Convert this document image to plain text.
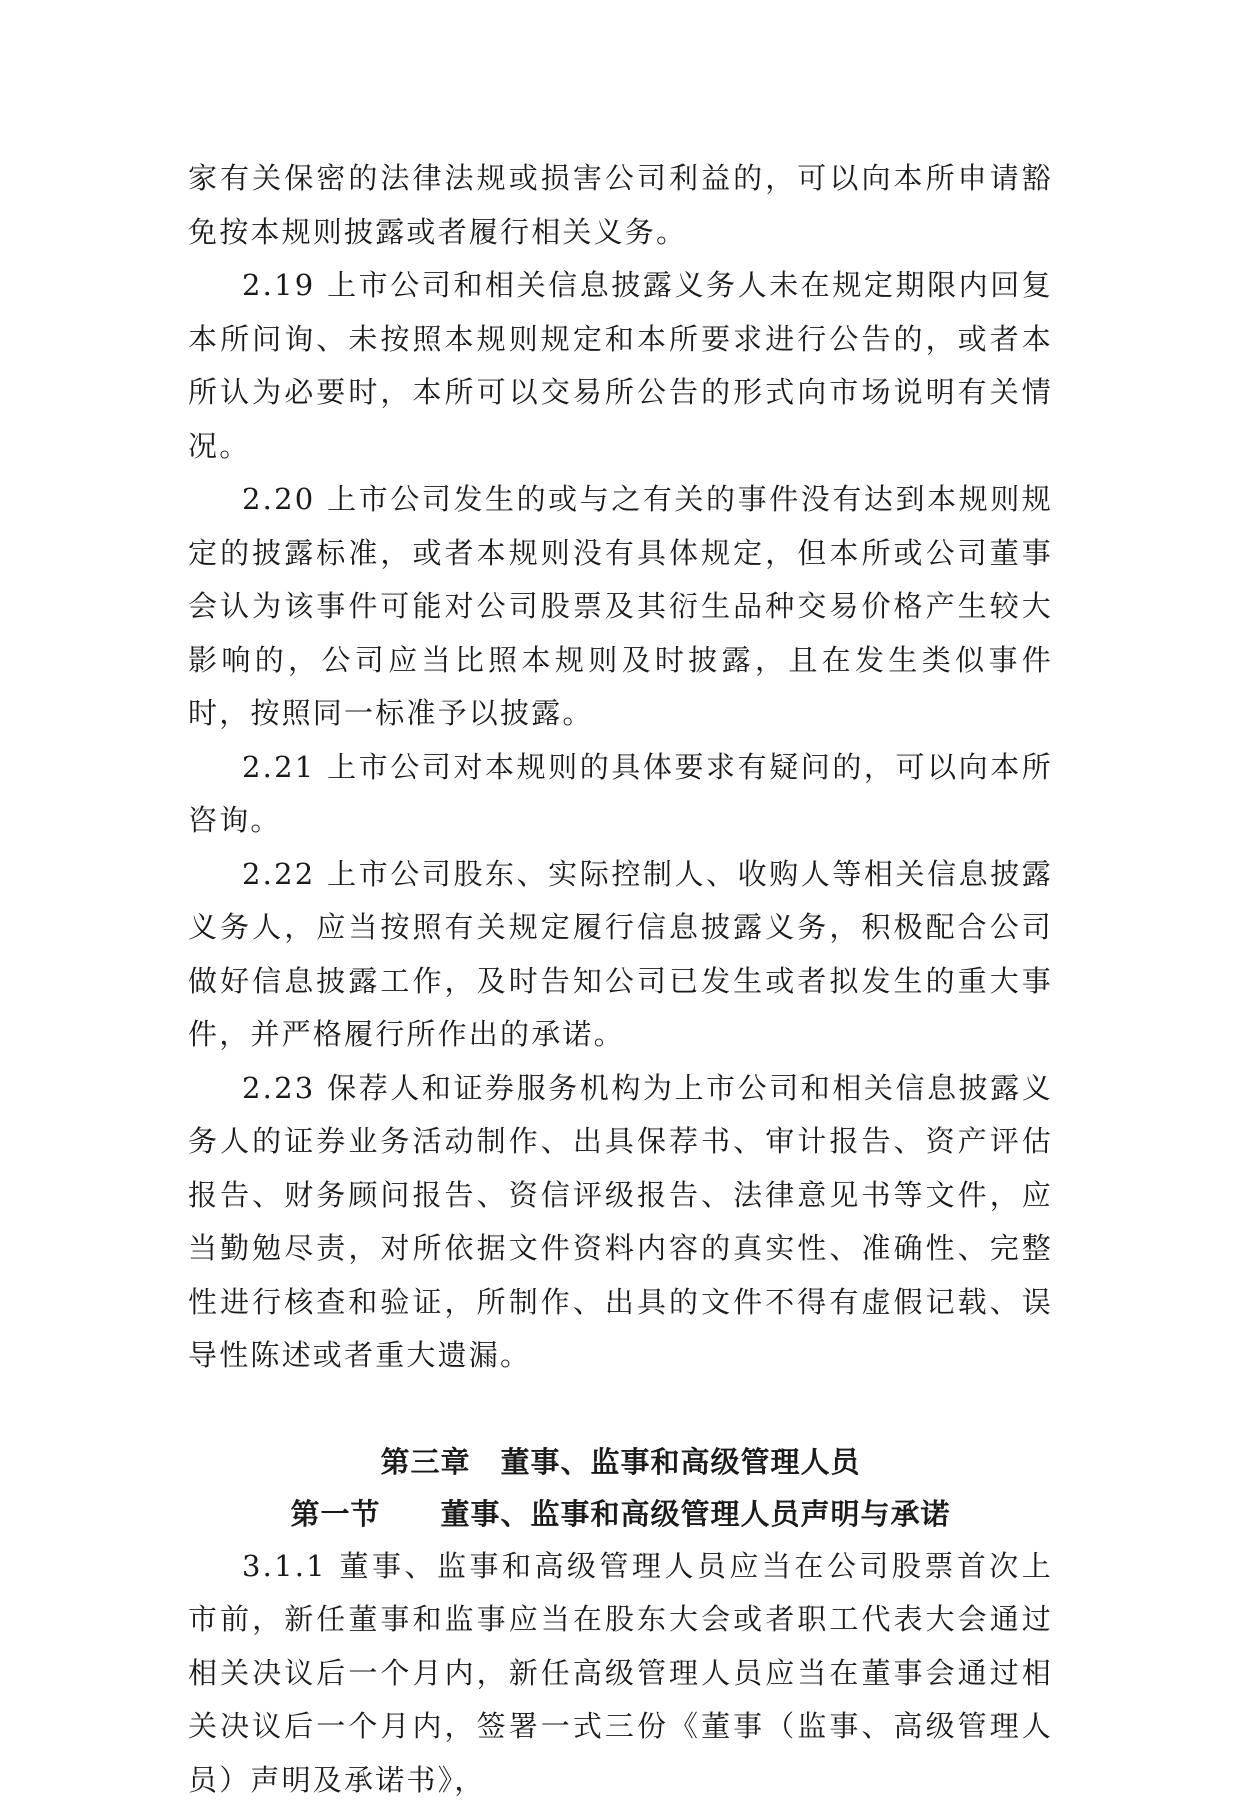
家有关保密的法律法规或损害公司利益的，可以向本所申请豁免按本规则披露或者履行相关义务。

2.19 上市公司和相关信息披露义务人未在规定期限内回复本所问询、未按照本规则规定和本所要求进行公告的，或者本所认为必要时，本所可以交易所公告的形式向市场说明有关情况。

2.20 上市公司发生的或与之有关的事件没有达到本规则规定的披露标准，或者本规则没有具体规定，但本所或公司董事会认为该事件可能对公司股票及其衍生品种交易价格产生较大影响的，公司应当比照本规则及时披露，且在发生类似事件时，按照同一标准予以披露。

2.21 上市公司对本规则的具体要求有疑问的，可以向本所咨询。

2.22 上市公司股东、实际控制人、收购人等相关信息披露义务人，应当按照有关规定履行信息披露义务，积极配合公司做好信息披露工作，及时告知公司已发生或者拟发生的重大事件，并严格履行所作出的承诺。

2.23 保荐人和证券服务机构为上市公司和相关信息披露义务人的证券业务活动制作、出具保荐书、审计报告、资产评估报告、财务顾问报告、资信评级报告、法律意见书等文件，应当勤勉尽责，对所依据文件资料内容的真实性、准确性、完整性进行核查和验证，所制作、出具的文件不得有虚假记载、误导性陈述或者重大遗漏。

第三章　董事、监事和高级管理人员
第一节　　董事、监事和高级管理人员声明与承诺

3.1.1 董事、监事和高级管理人员应当在公司股票首次上市前，新任董事和监事应当在股东大会或者职工代表大会通过相关决议后一个月内，新任高级管理人员应当在董事会通过相关决议后一个月内，签署一式三份《董事（监事、高级管理人员）声明及承诺书》，
